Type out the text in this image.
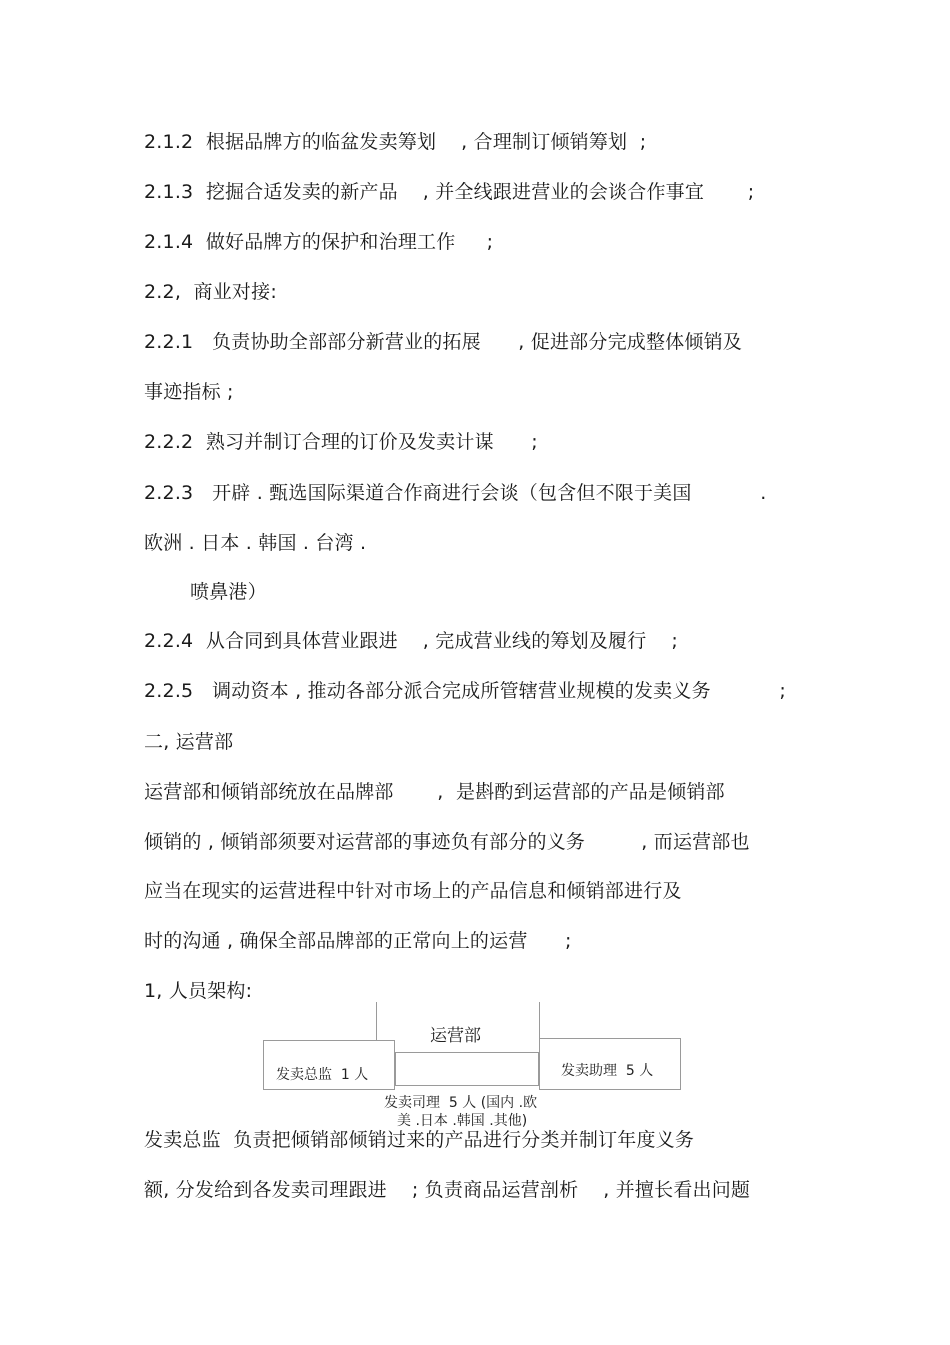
2.1.2  根据品牌方的临盆发卖筹划    , 合理制订倾销筹划  ;
2.1.3  挖掘合适发卖的新产品    , 并全线跟进营业的会谈合作事宜       ;
2.1.4  做好品牌方的保护和治理工作     ;
2.2,  商业对接:
2.2.1   负责协助全部部分新营业的拓展      , 促进部分完成整体倾销及
事迹指标 ;
2.2.2  熟习并制订合理的订价及发卖计谋      ;
2.2.3   开辟 . 甄选国际渠道合作商进行会谈（包含但不限于美国           .
欧洲 . 日本 . 韩国 . 台湾 .
喷鼻港）
2.2.4  从合同到具体营业跟进    , 完成营业线的筹划及履行    ;
2.2.5   调动资本 , 推动各部分派合完成所管辖营业规模的发卖义务           ;
二, 运营部
运营部和倾销部统放在品牌部       ,  是斟酌到运营部的产品是倾销部
倾销的 , 倾销部须要对运营部的事迹负有部分的义务         , 而运营部也
应当在现实的运营进程中针对市场上的产品信息和倾销部进行及
时的沟通 , 确保全部品牌部的正常向上的运营      ;
1, 人员架构:
运营部
发卖总监  1 人	发卖助理  5 人
发卖司理  5 人 (国内 .欧
美 .日本 .韩国 .其他)
发卖总监  负责把倾销部倾销过来的产品进行分类并制订年度义务
额, 分发给到各发卖司理跟进    ; 负责商品运营剖析    , 并擅长看出问题
